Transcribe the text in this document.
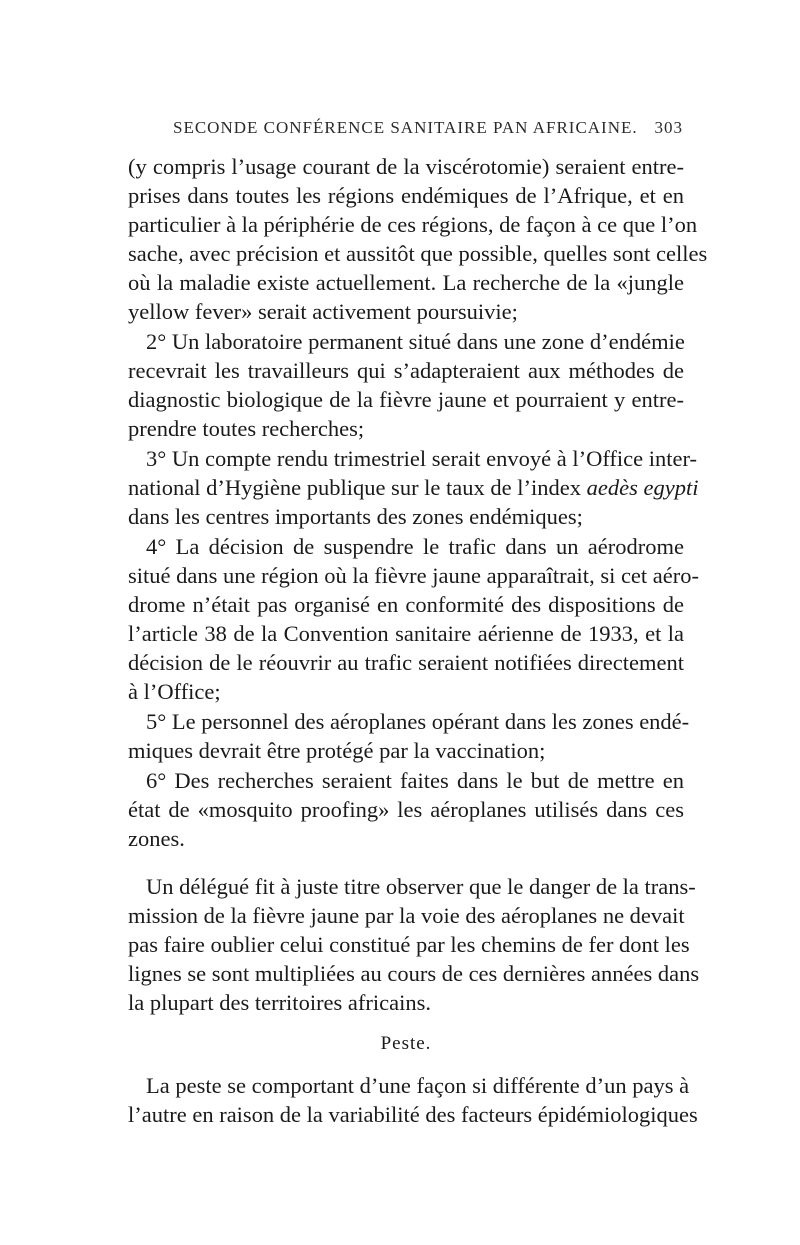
SECONDE CONFÉRENCE SANITAIRE PAN AFRICAINE. 303
(y compris l’usage courant de la viscérotomie) seraient entre-
prises dans toutes les régions endémiques de l’Afrique, et en
particulier à la périphérie de ces régions, de façon à ce que l’on
sache, avec précision et aussitôt que possible, quelles sont celles
où la maladie existe actuellement. La recherche de la «jungle
yellow fever» serait activement poursuivie;
2° Un laboratoire permanent situé dans une zone d’endémie
recevrait les travailleurs qui s’adapteraient aux méthodes de
diagnostic biologique de la fièvre jaune et pourraient y entre-
prendre toutes recherches;
3° Un compte rendu trimestriel serait envoyé à l’Office inter-
national d’Hygiène publique sur le taux de l’index aedès egypti
dans les centres importants des zones endémiques;
4° La décision de suspendre le trafic dans un aérodrome
situé dans une région où la fièvre jaune apparaîtrait, si cet aéro-
drome n’était pas organisé en conformité des dispositions de
l’article 38 de la Convention sanitaire aérienne de 1933, et la
décision de le réouvrir au trafic seraient notifiées directement
à l’Office;
5° Le personnel des aéroplanes opérant dans les zones endé-
miques devrait être protégé par la vaccination;
6° Des recherches seraient faites dans le but de mettre en
état de «mosquito proofing» les aéroplanes utilisés dans ces
zones.
Un délégué fit à juste titre observer que le danger de la trans-
mission de la fièvre jaune par la voie des aéroplanes ne devait
pas faire oublier celui constitué par les chemins de fer dont les
lignes se sont multipliées au cours de ces dernières années dans
la plupart des territoires africains.
Peste.
La peste se comportant d’une façon si différente d’un pays à
l’autre en raison de la variabilité des facteurs épidémiologiques
